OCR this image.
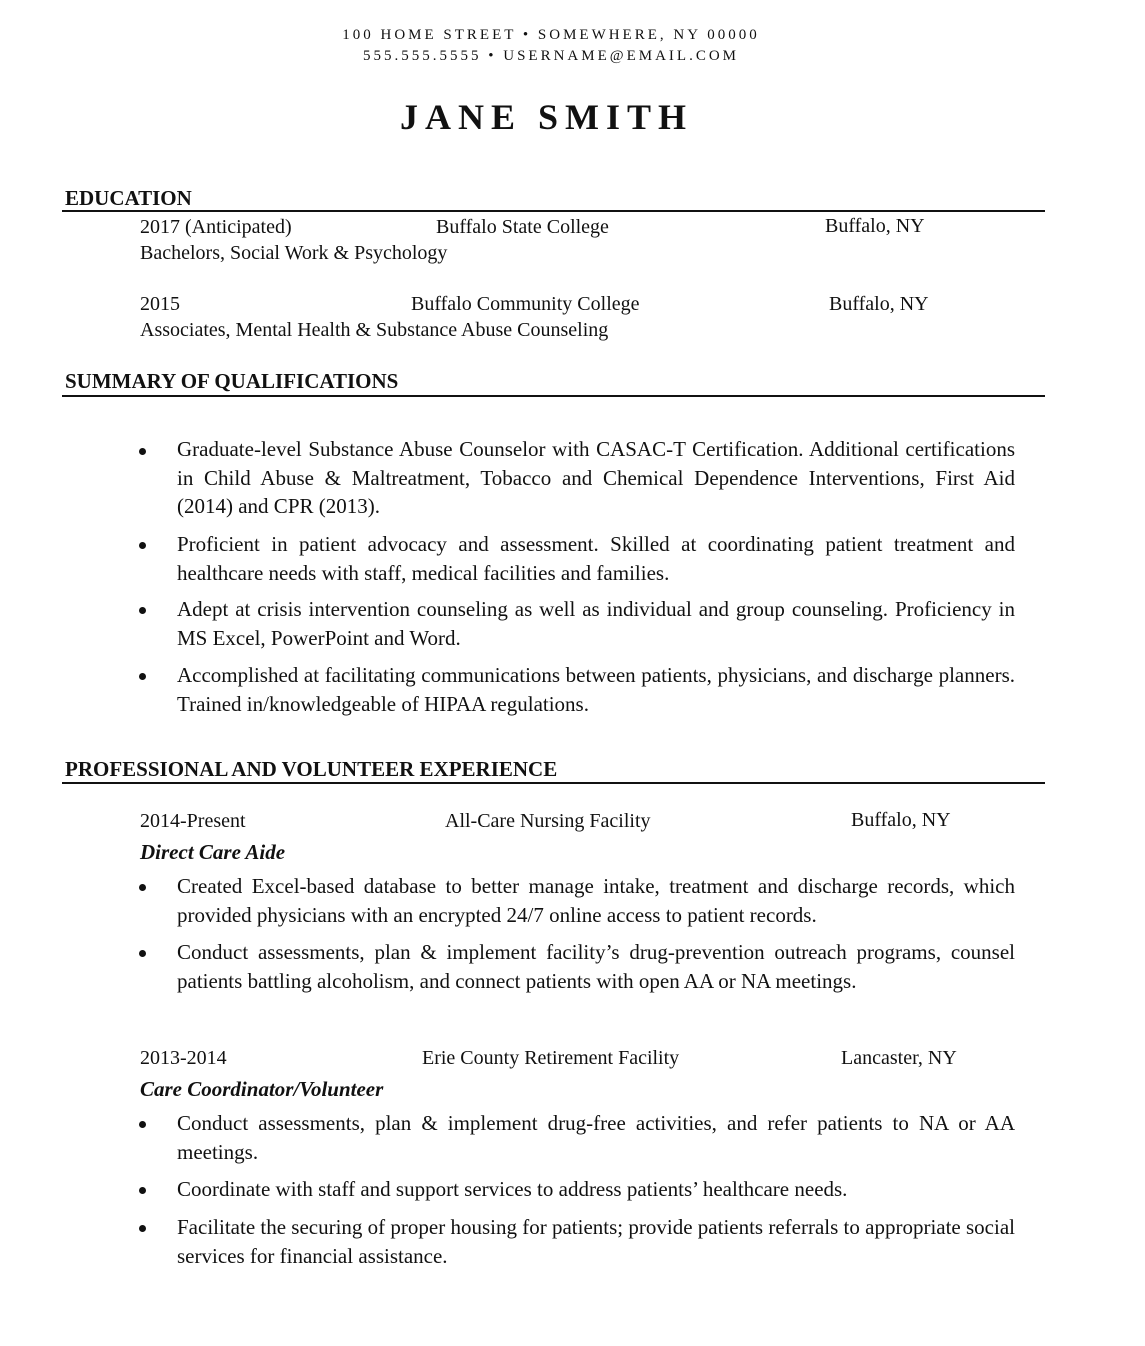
100 HOME STREET • SOMEWHERE, NY 00000
555.555.5555 • USERNAME@EMAIL.COM
JANE SMITH
EDUCATION
2017 (Anticipated)	Buffalo State College	Buffalo, NY
Bachelors, Social Work & Psychology
2015	Buffalo Community College	Buffalo, NY
Associates, Mental Health & Substance Abuse Counseling
SUMMARY OF QUALIFICATIONS
Graduate-level Substance Abuse Counselor with CASAC-T Certification. Additional certifications in Child Abuse & Maltreatment, Tobacco and Chemical Dependence Interventions, First Aid (2014) and CPR (2013).
Proficient in patient advocacy and assessment. Skilled at coordinating patient treatment and healthcare needs with staff, medical facilities and families.
Adept at crisis intervention counseling as well as individual and group counseling. Proficiency in MS Excel, PowerPoint and Word.
Accomplished at facilitating communications between patients, physicians, and discharge planners. Trained in/knowledgeable of HIPAA regulations.
PROFESSIONAL AND VOLUNTEER EXPERIENCE
2014-Present	All-Care Nursing Facility	Buffalo, NY
Direct Care Aide
Created Excel-based database to better manage intake, treatment and discharge records, which provided physicians with an encrypted 24/7 online access to patient records.
Conduct assessments, plan & implement facility’s drug-prevention outreach programs, counsel patients battling alcoholism, and connect patients with open AA or NA meetings.
2013-2014	Erie County Retirement Facility	Lancaster, NY
Care Coordinator/Volunteer
Conduct assessments, plan & implement drug-free activities, and refer patients to NA or AA meetings.
Coordinate with staff and support services to address patients’ healthcare needs.
Facilitate the securing of proper housing for patients; provide patients referrals to appropriate social services for financial assistance.
